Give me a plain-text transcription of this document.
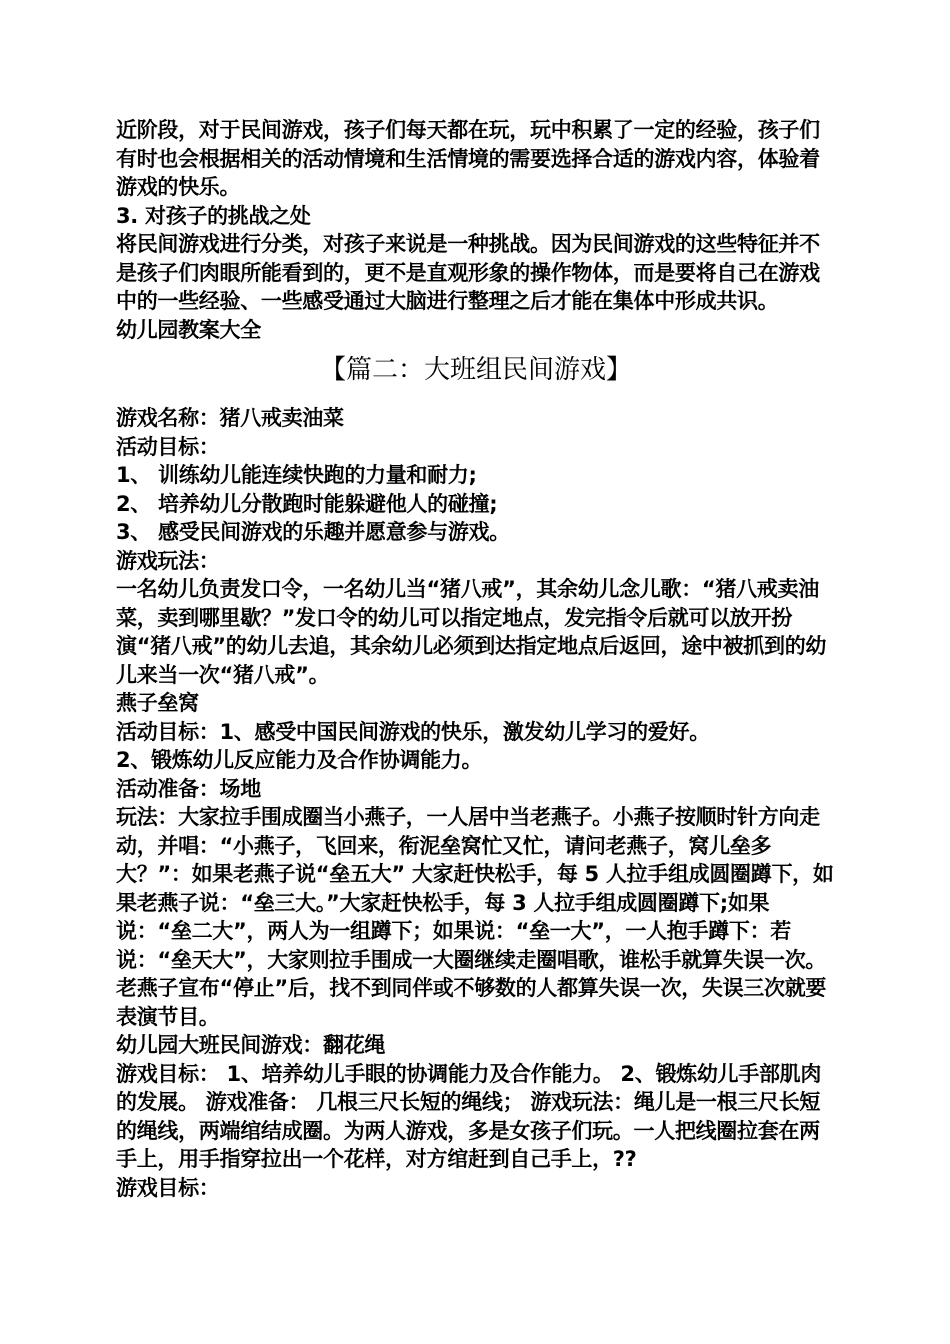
近阶段，对于民间游戏，孩子们每天都在玩，玩中积累了一定的经验，孩子们有时也会根据相关的活动情境和生活情境的需要选择合适的游戏内容，体验着游戏的快乐。

3. 对孩子的挑战之处

将民间游戏进行分类，对孩子来说是一种挑战。因为民间游戏的这些特征并不是孩子们肉眼所能看到的，更不是直观形象的操作物体，而是要将自己在游戏中的一些经验、一些感受通过大脑进行整理之后才能在集体中形成共识。

幼儿园教案大全

【篇二：大班组民间游戏】

游戏名称：猪八戒卖油菜

活动目标：

1、 训练幼儿能连续快跑的力量和耐力;

2、 培养幼儿分散跑时能躲避他人的碰撞;

3、 感受民间游戏的乐趣并愿意参与游戏。

游戏玩法：

一名幼儿负责发口令，一名幼儿当“猪八戒”，其余幼儿念儿歌：“猪八戒卖油菜，卖到哪里歇？”发口令的幼儿可以指定地点，发完指令后就可以放开扮演“猪八戒”的幼儿去追，其余幼儿必须到达指定地点后返回，途中被抓到的幼儿来当一次“猪八戒”。

燕子垒窝

活动目标：1、感受中国民间游戏的快乐，激发幼儿学习的爱好。

2、锻炼幼儿反应能力及合作协调能力。

活动准备：场地

玩法：大家拉手围成圈当小燕子，一人居中当老燕子。小燕子按顺时针方向走动，并唱：“小燕子，飞回来，衔泥垒窝忙又忙，请问老燕子，窝儿垒多大？”：如果老燕子说“垒五大” 大家赶快松手，每 5 人拉手组成圆圈蹲下，如果老燕子说：“垒三大。”大家赶快松手，每 3 人拉手组成圆圈蹲下;如果说：“垒二大”，两人为一组蹲下；如果说：“垒一大”，一人抱手蹲下：若说：“垒天大”，大家则拉手围成一大圈继续走圈唱歌，谁松手就算失误一次。老燕子宣布“停止”后，找不到同伴或不够数的人都算失误一次，失误三次就要表演节目。

幼儿园大班民间游戏：翻花绳

游戏目标： 1、培养幼儿手眼的协调能力及合作能力。 2、锻炼幼儿手部肌肉的发展。 游戏准备： 几根三尺长短的绳线； 游戏玩法：绳儿是一根三尺长短的绳线，两端绾结成圈。为两人游戏，多是女孩子们玩。一人把线圈拉套在两手上，用手指穿拉出一个花样，对方绾赶到自己手上，??

游戏目标：
